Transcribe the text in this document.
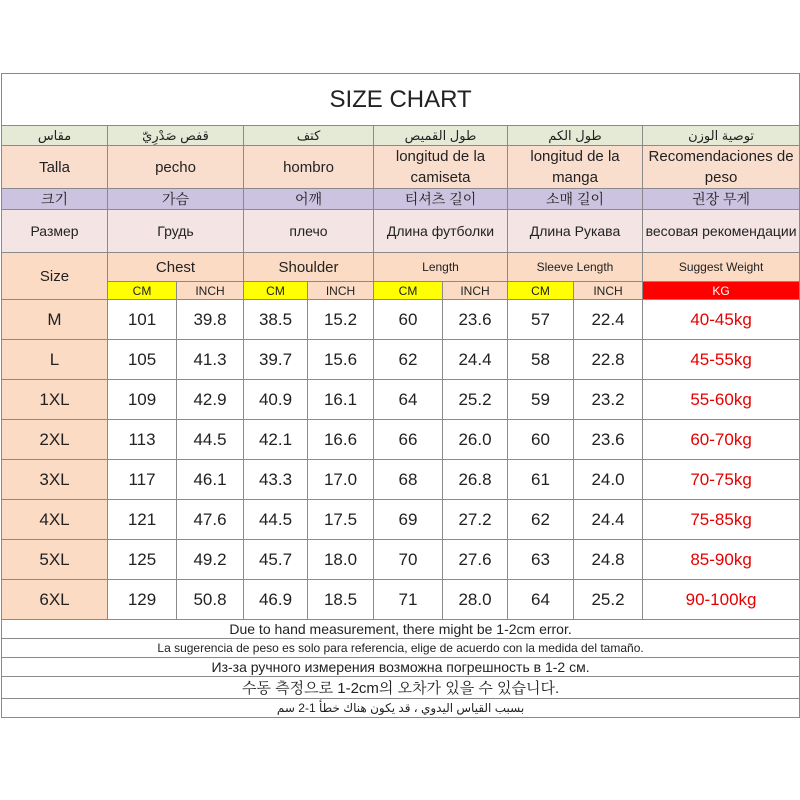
SIZE CHART									
مقاس	قفص صَدْرِيّ		كتف		طول القميص		طول الكم		توصية الوزن
Talla	pecho		hombro		longitud de la camiseta		longitud de la manga		Recomendaciones de peso
크기	가슴		어깨		티셔츠 길이		소매 길이		권장 무게
Размер	Грудь		плечо		Длина футболки		Длина Рукава		весовая рекомендации
Size	Chest		Shoulder		Length		Sleeve Length		Suggest Weight
	CM	INCH	CM	INCH	CM	INCH	CM	INCH	KG
M	101	39.8	38.5	15.2	60	23.6	57	22.4	40-45kg
L	105	41.3	39.7	15.6	62	24.4	58	22.8	45-55kg
1XL	109	42.9	40.9	16.1	64	25.2	59	23.2	55-60kg
2XL	113	44.5	42.1	16.6	66	26.0	60	23.6	60-70kg
3XL	117	46.1	43.3	17.0	68	26.8	61	24.0	70-75kg
4XL	121	47.6	44.5	17.5	69	27.2	62	24.4	75-85kg
5XL	125	49.2	45.7	18.0	70	27.6	63	24.8	85-90kg
6XL	129	50.8	46.9	18.5	71	28.0	64	25.2	90-100kg
Due to hand measurement, there might be 1-2cm error.									
La sugerencia de peso es solo para referencia, elige de acuerdo con la medida del tamaño.									
Из-за ручного измерения возможна погрешность в 1-2 см.									
수동 측정으로 1-2cm의 오차가 있을 수 있습니다.									
بسبب القياس اليدوي ، قد يكون هناك خطأ 1-2 سم									
